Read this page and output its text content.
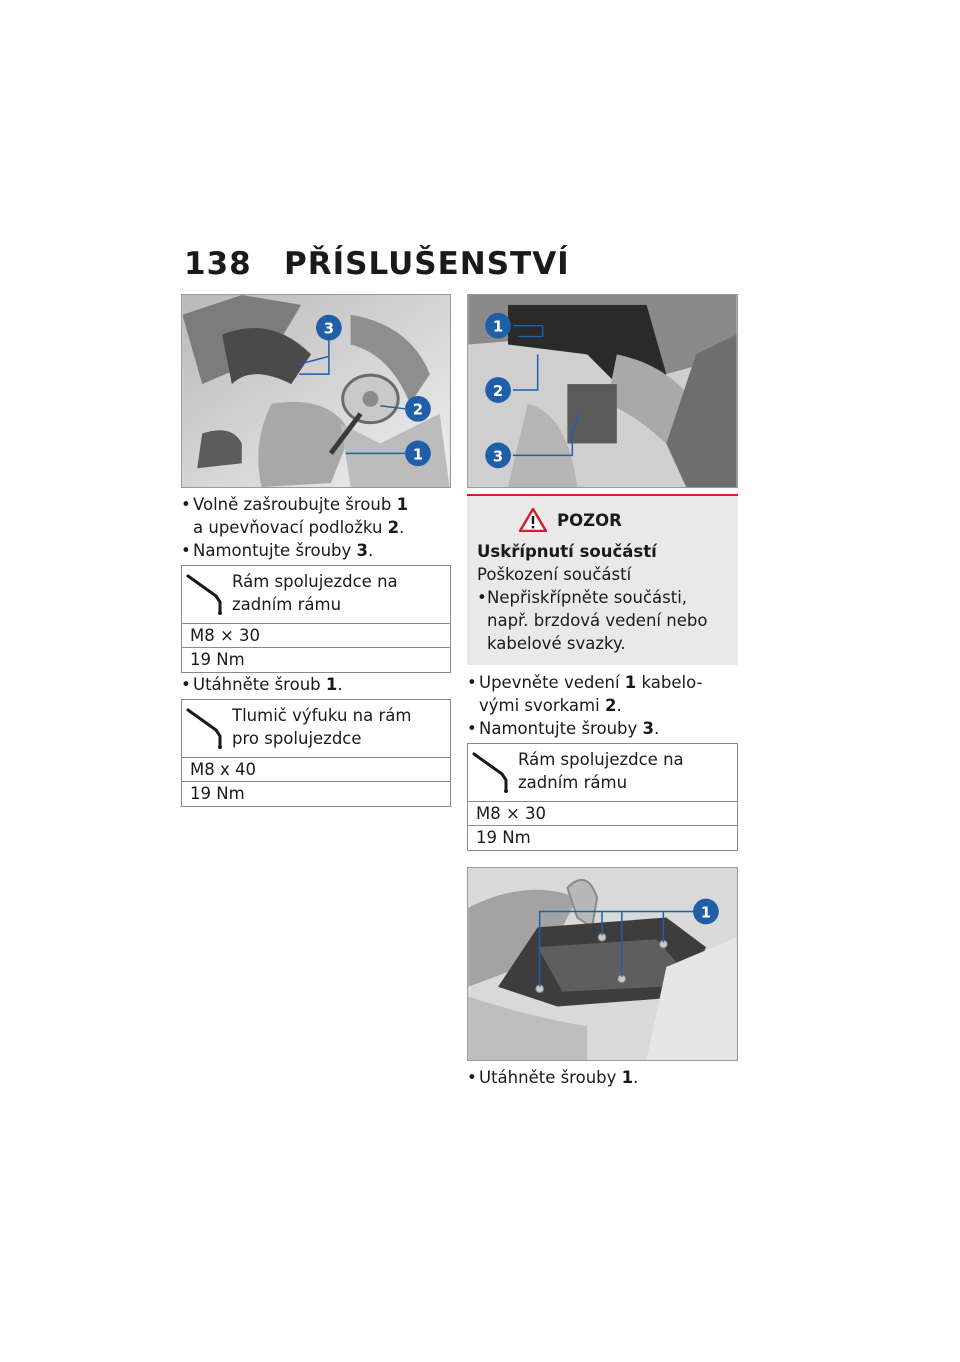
138 PŘÍSLUŠENSTVÍ
3
2
1
• Volně zašroubujte šroub 1
a upevňovací podložku 2.
• Namontujte šrouby 3.
Rám spolujezdce na zadním rámu
M8 × 30
19 Nm
• Utáhněte šroub 1.
Tlumič výfuku na rám pro spolujezdce
M8 x 40
19 Nm
1
2
3
POZOR
Uskřípnutí součástí
Poškození součástí
• Nepřiskřípněte součásti, např. brzdová vedení nebo kabelové svazky.
• Upevněte vedení 1 kabelo-
vými svorkami 2.
• Namontujte šrouby 3.
Rám spolujezdce na zadním rámu
M8 × 30
19 Nm
1
• Utáhněte šrouby 1.
